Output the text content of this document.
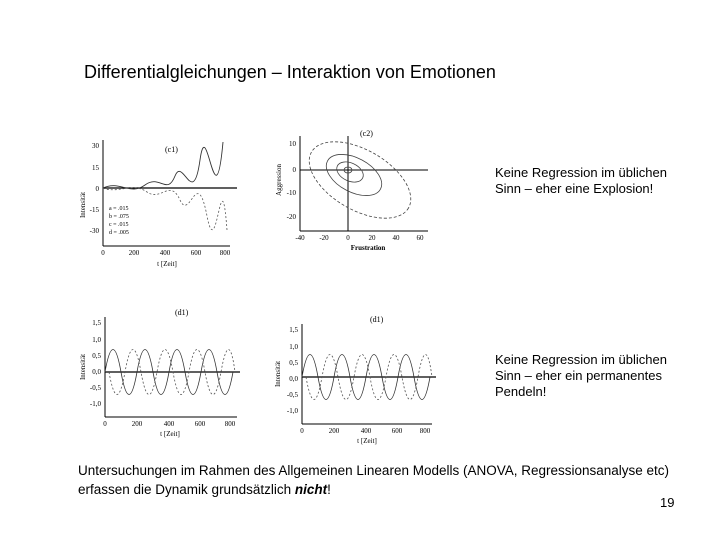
Differentialgleichungen – Interaktion von Emotionen
(c1)
Intensität
30
15
0
-15
-30
a = .015
b = .075
c = .015
d = .005
0	200	400	600	800
t [Zeit]
(c2)
Aggression
10
0
-10
-20
-40 -20	0	20 40 60
Frustration
(d1)
Intensität
1,5
1,0
0,5
0,0
-0,5
-1,0
0	200	400	600	800
t [Zeit]
(d1)
Intensität
1,5
1,0
0,5
0,0
-0,5
-1,0
0	200	400	600	800
t [Zeit]
Keine Regression im üblichen Sinn – eher eine Explosion!
Keine Regression im üblichen Sinn – eher ein permanentes Pendeln!
Untersuchungen im Rahmen des Allgemeinen Linearen Modells (ANOVA, Regressionsanalyse etc) erfassen die Dynamik grundsätzlich nicht!
19
